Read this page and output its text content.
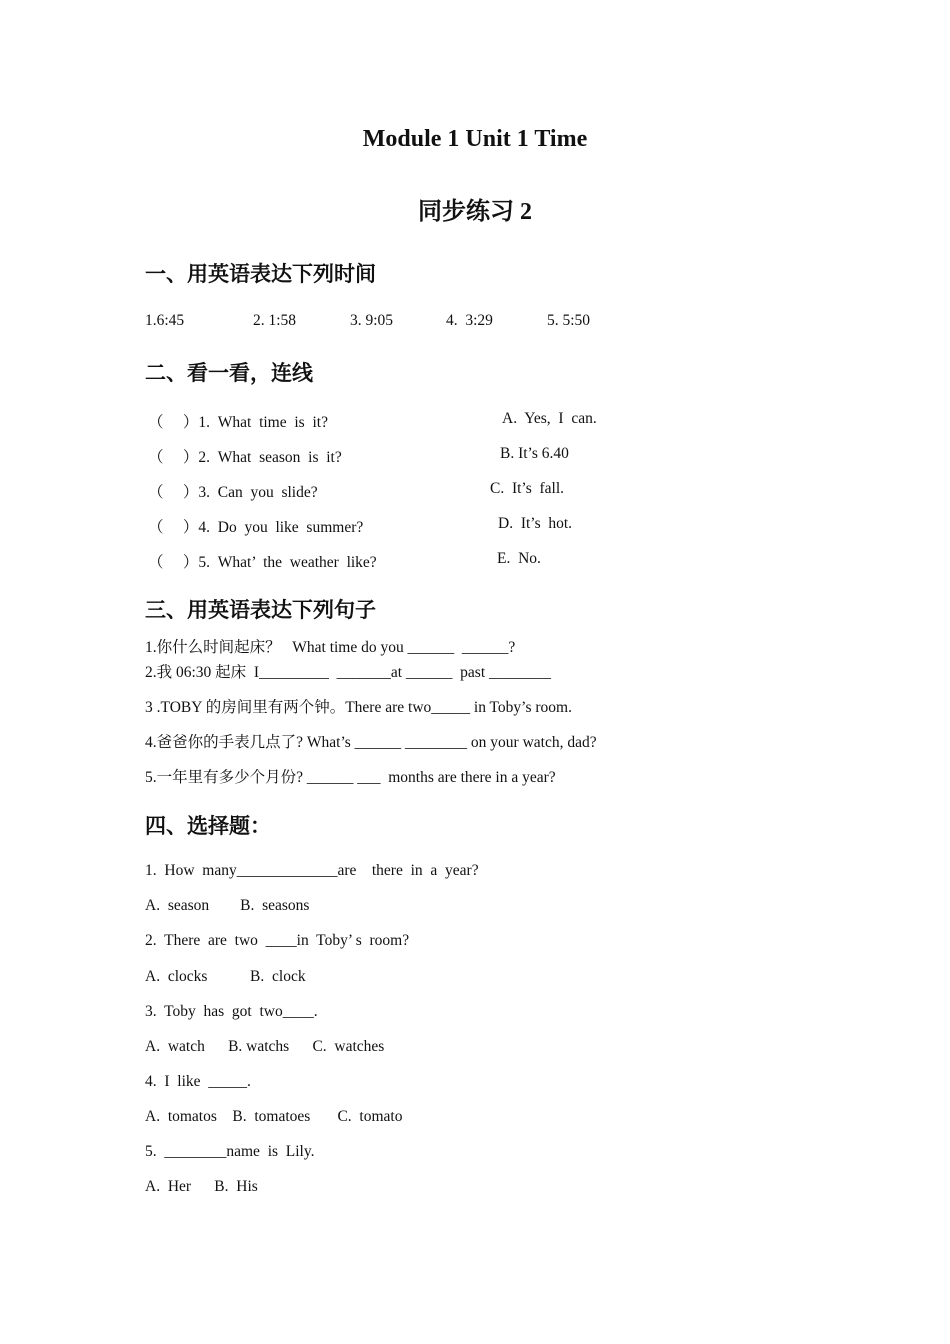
Module 1 Unit 1 Time
同步练习 2
一、用英语表达下列时间
1.6:45	2. 1:58	3. 9:05	4.  3:29	5. 5:50
二、看一看，连线
（     ）1.  What  time  is  it?	A.  Yes,  I  can.
（     ）2.  What  season  is  it?	B. It’s 6.40
（     ）3.  Can  you  slide?	C.  It’s  fall.
（     ）4.  Do  you  like  summer?	D.  It’s  hot.
（     ）5.  What’  the  weather  like?	E.  No.
三、用英语表达下列句子
1.你什么时间起床？   What time do you ______  ______?
2.我 06:30 起床  I_________  _______at ______  past ________
3 .TOBY 的房间里有两个钟。There are two_____ in Toby’s room.
4.爸爸你的手表几点了? What’s ______ ________ on your watch, dad?
5.一年里有多少个月份? ______ ___  months are there in a year?
四、选择题：
1.  How  many_____________are    there  in  a  year?
A.  season        B.  seasons
2.  There  are  two  ____in  Toby’ s  room?
A.  clocks           B.  clock
3.  Toby  has  got  two____.
A.  watch      B. watchs      C.  watches
4.  I  like  _____.
A.  tomatos    B.  tomatoes       C.  tomato
5.  ________name  is  Lily.
A.  Her      B.  His
